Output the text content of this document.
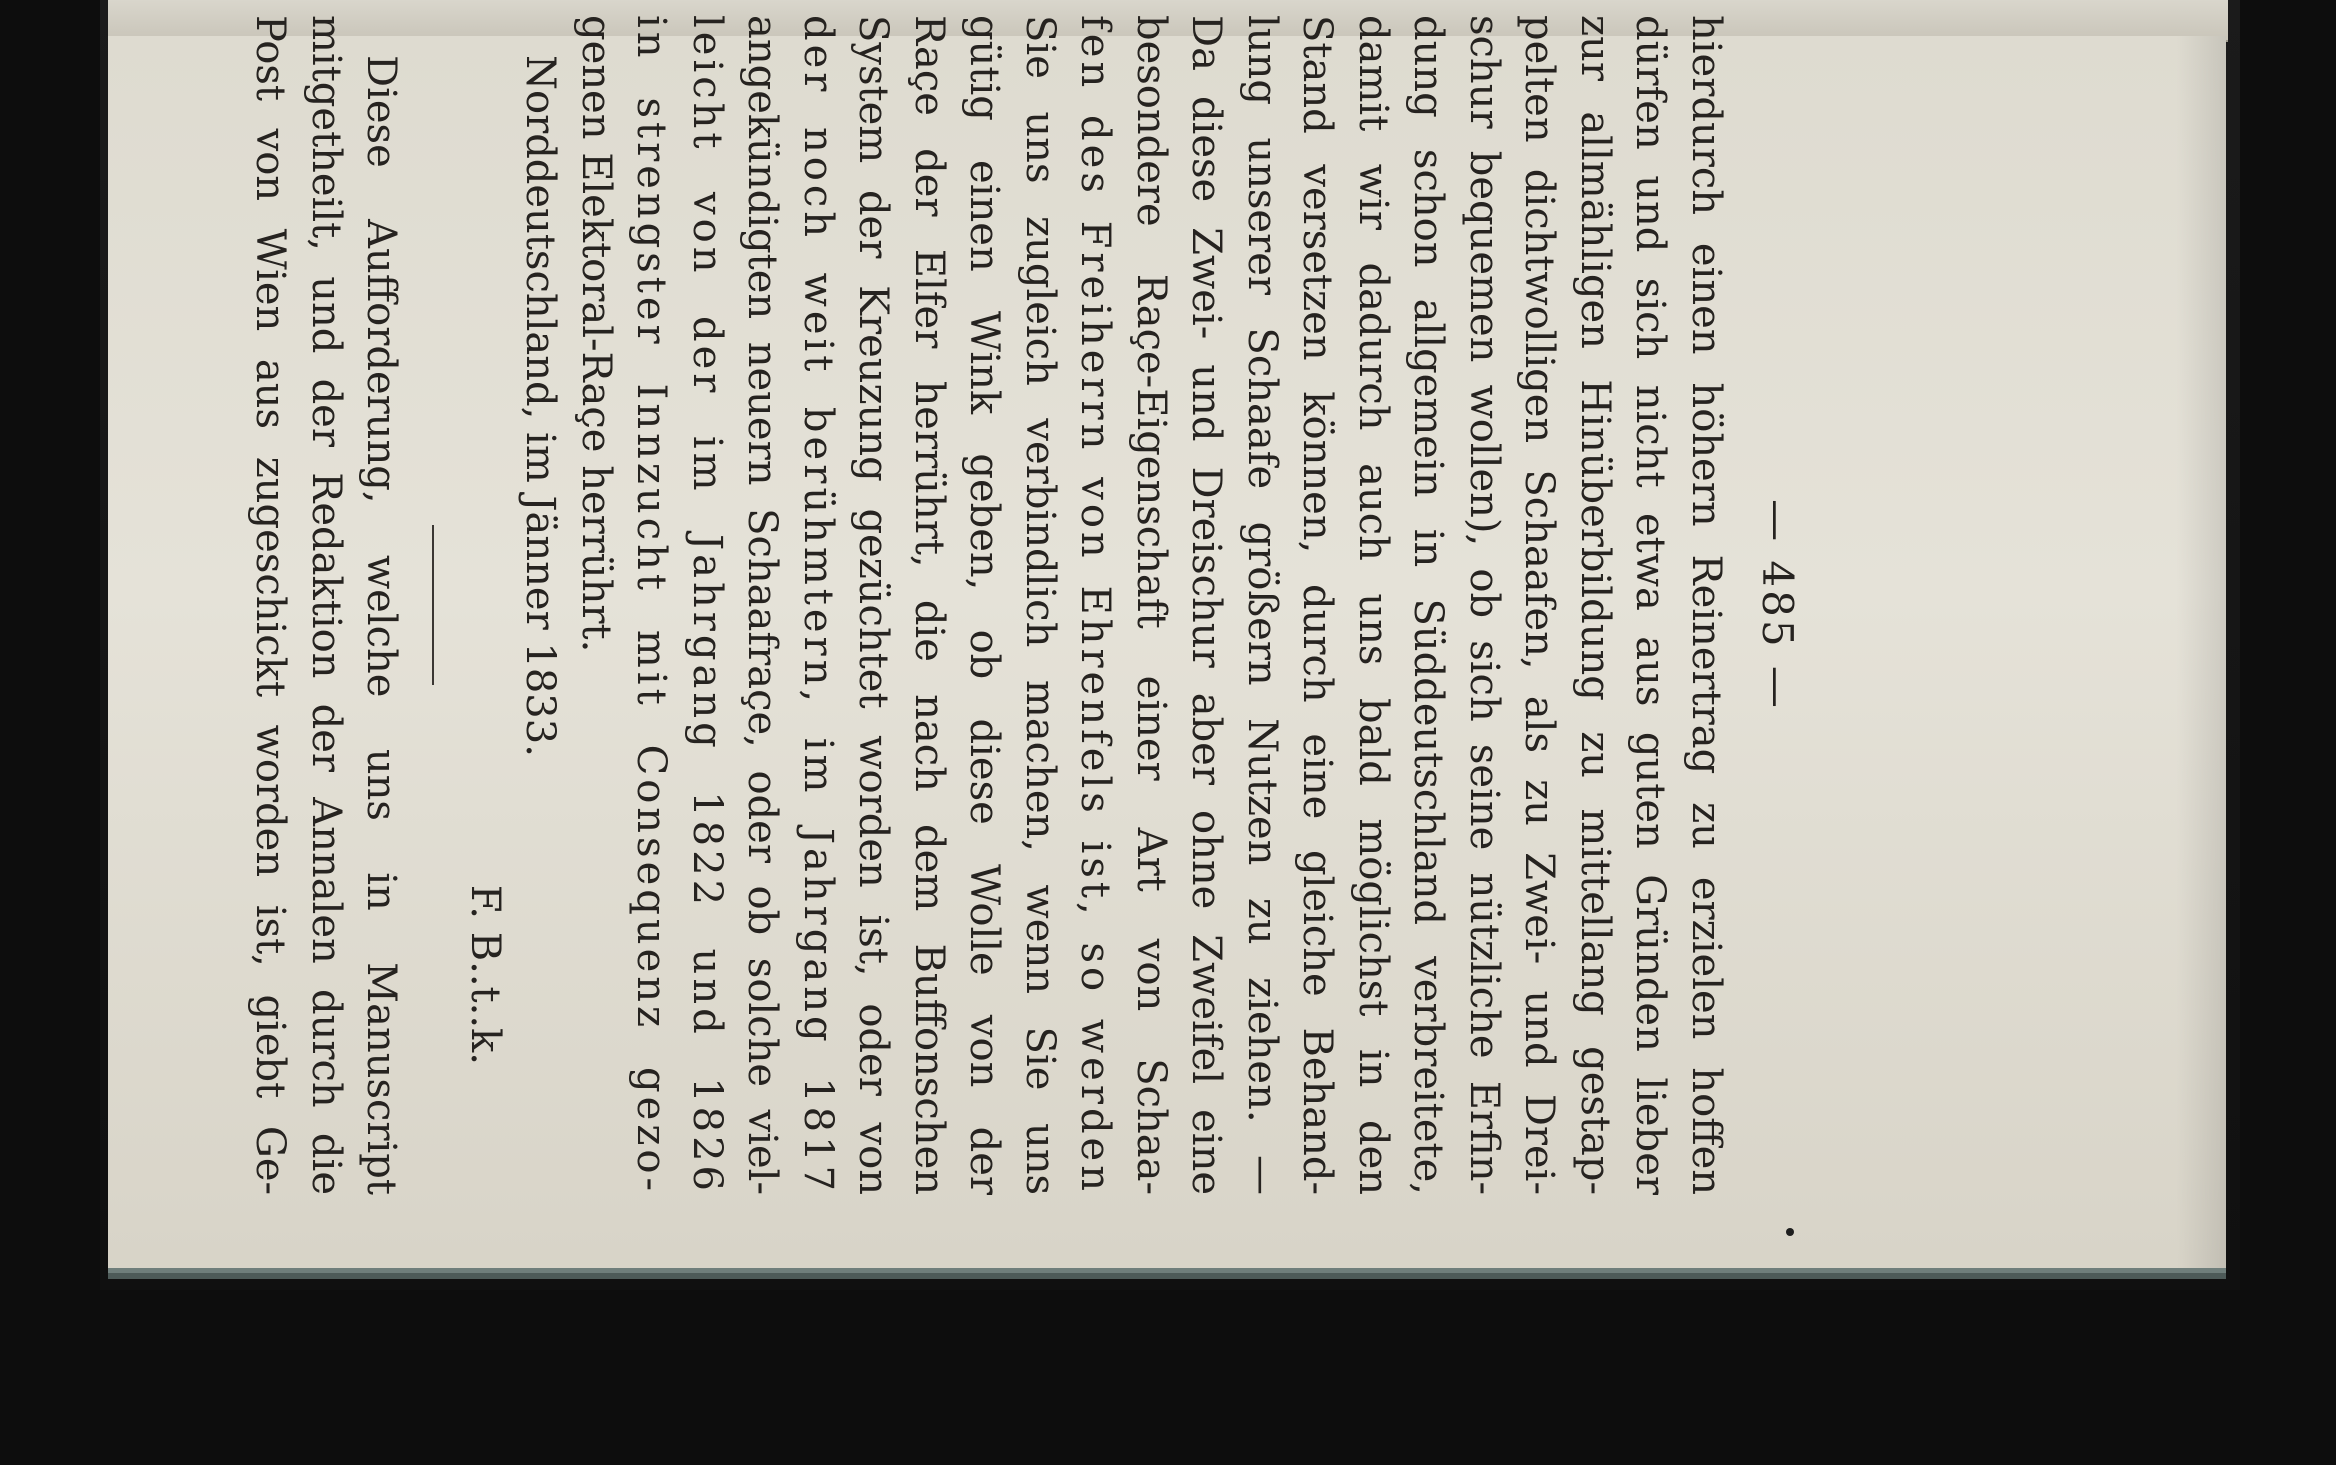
— 485 —
hierdurch einen höhern Reinertrag zu erzielen hoffen
dürfen und sich nicht etwa aus guten Gründen lieber
zur allmähligen Hinüberbildung zu mittellang gestap-
pelten dichtwolligen Schaafen, als zu Zwei- und Drei-
schur bequemen wollen), ob sich seine nützliche Erfin-
dung schon allgemein in Süddeutschland verbreitete,
damit wir dadurch auch uns bald möglichst in den
Stand versetzen können, durch eine gleiche Behand-
lung unserer Schaafe größern Nutzen zu ziehen. —
Da diese Zwei- und Dreischur aber ohne Zweifel eine
besondere Raçe-Eigenschaft einer Art von Schaa-
fen des Freiherrn von Ehrenfels ist, so werden
Sie uns zugleich verbindlich machen, wenn Sie uns
gütig einen Wink geben, ob diese Wolle von der
Raçe der Elfer herrührt, die nach dem Buffonschen
System der Kreuzung gezüchtet worden ist, oder von
der noch weit berühmtern, im Jahrgang 1817
angekündigten neuern Schaafraçe, oder ob solche viel-
leicht von der im Jahrgang 1822 und 1826
in strengster Innzucht mit Consequenz gezo-
genen Elektoral-Raçe herrührt.
Norddeutschland, im Jänner 1833.
F. B..t..k.
Diese Aufforderung, welche uns in Manuscript
mitgetheilt, und der Redaktion der Annalen durch die
Post von Wien aus zugeschickt worden ist, giebt Ge-
